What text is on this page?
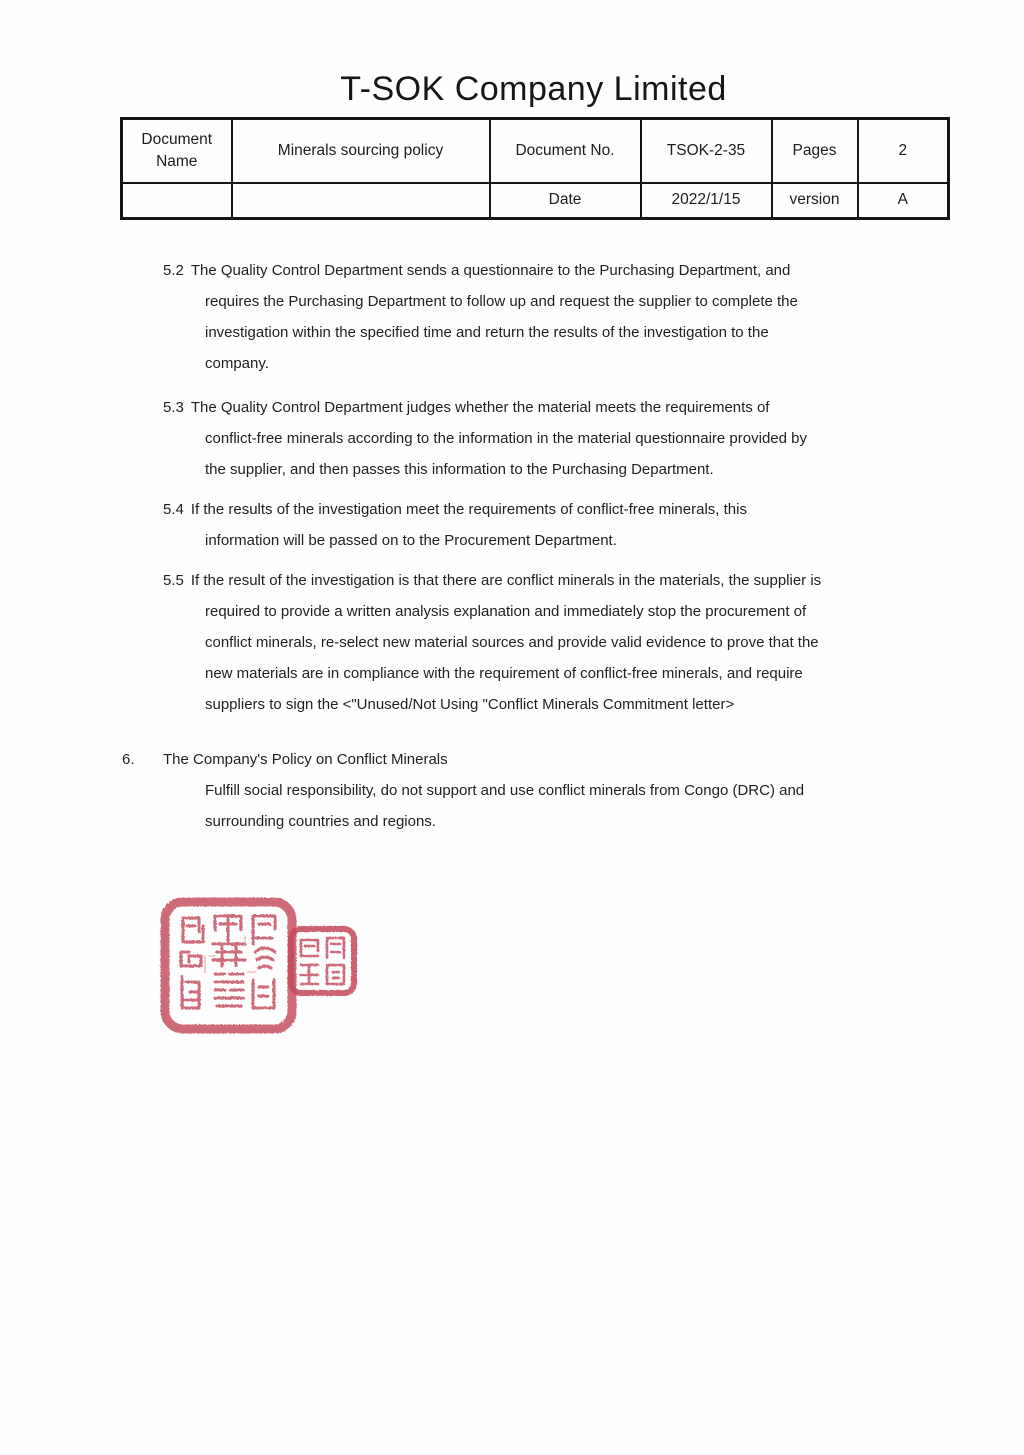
T-SOK Company Limited
Document Name	Minerals sourcing policy	Document No.	TSOK-2-35	Pages	2
		Date	2022/1/15	version	A
5.2 The Quality Control Department sends a questionnaire to the Purchasing Department, and
requires the Purchasing Department to follow up and request the supplier to complete the
investigation within the specified time and return the results of the investigation to the
company.
5.3 The Quality Control Department judges whether the material meets the requirements of
conflict-free minerals according to the information in the material questionnaire provided by
the supplier, and then passes this information to the Purchasing Department.
5.4 If the results of the investigation meet the requirements of conflict-free minerals, this
information will be passed on to the Procurement Department.
5.5 If the result of the investigation is that there are conflict minerals in the materials, the supplier is
required to provide a written analysis explanation and immediately stop the procurement of
conflict minerals, re-select new material sources and provide valid evidence to prove that the
new materials are in compliance with the requirement of conflict-free minerals, and require
suppliers to sign the <"Unused/Not Using "Conflict Minerals Commitment letter>
6. The Company's Policy on Conflict Minerals
Fulfill social responsibility, do not support and use conflict minerals from Congo (DRC) and
surrounding countries and regions.
